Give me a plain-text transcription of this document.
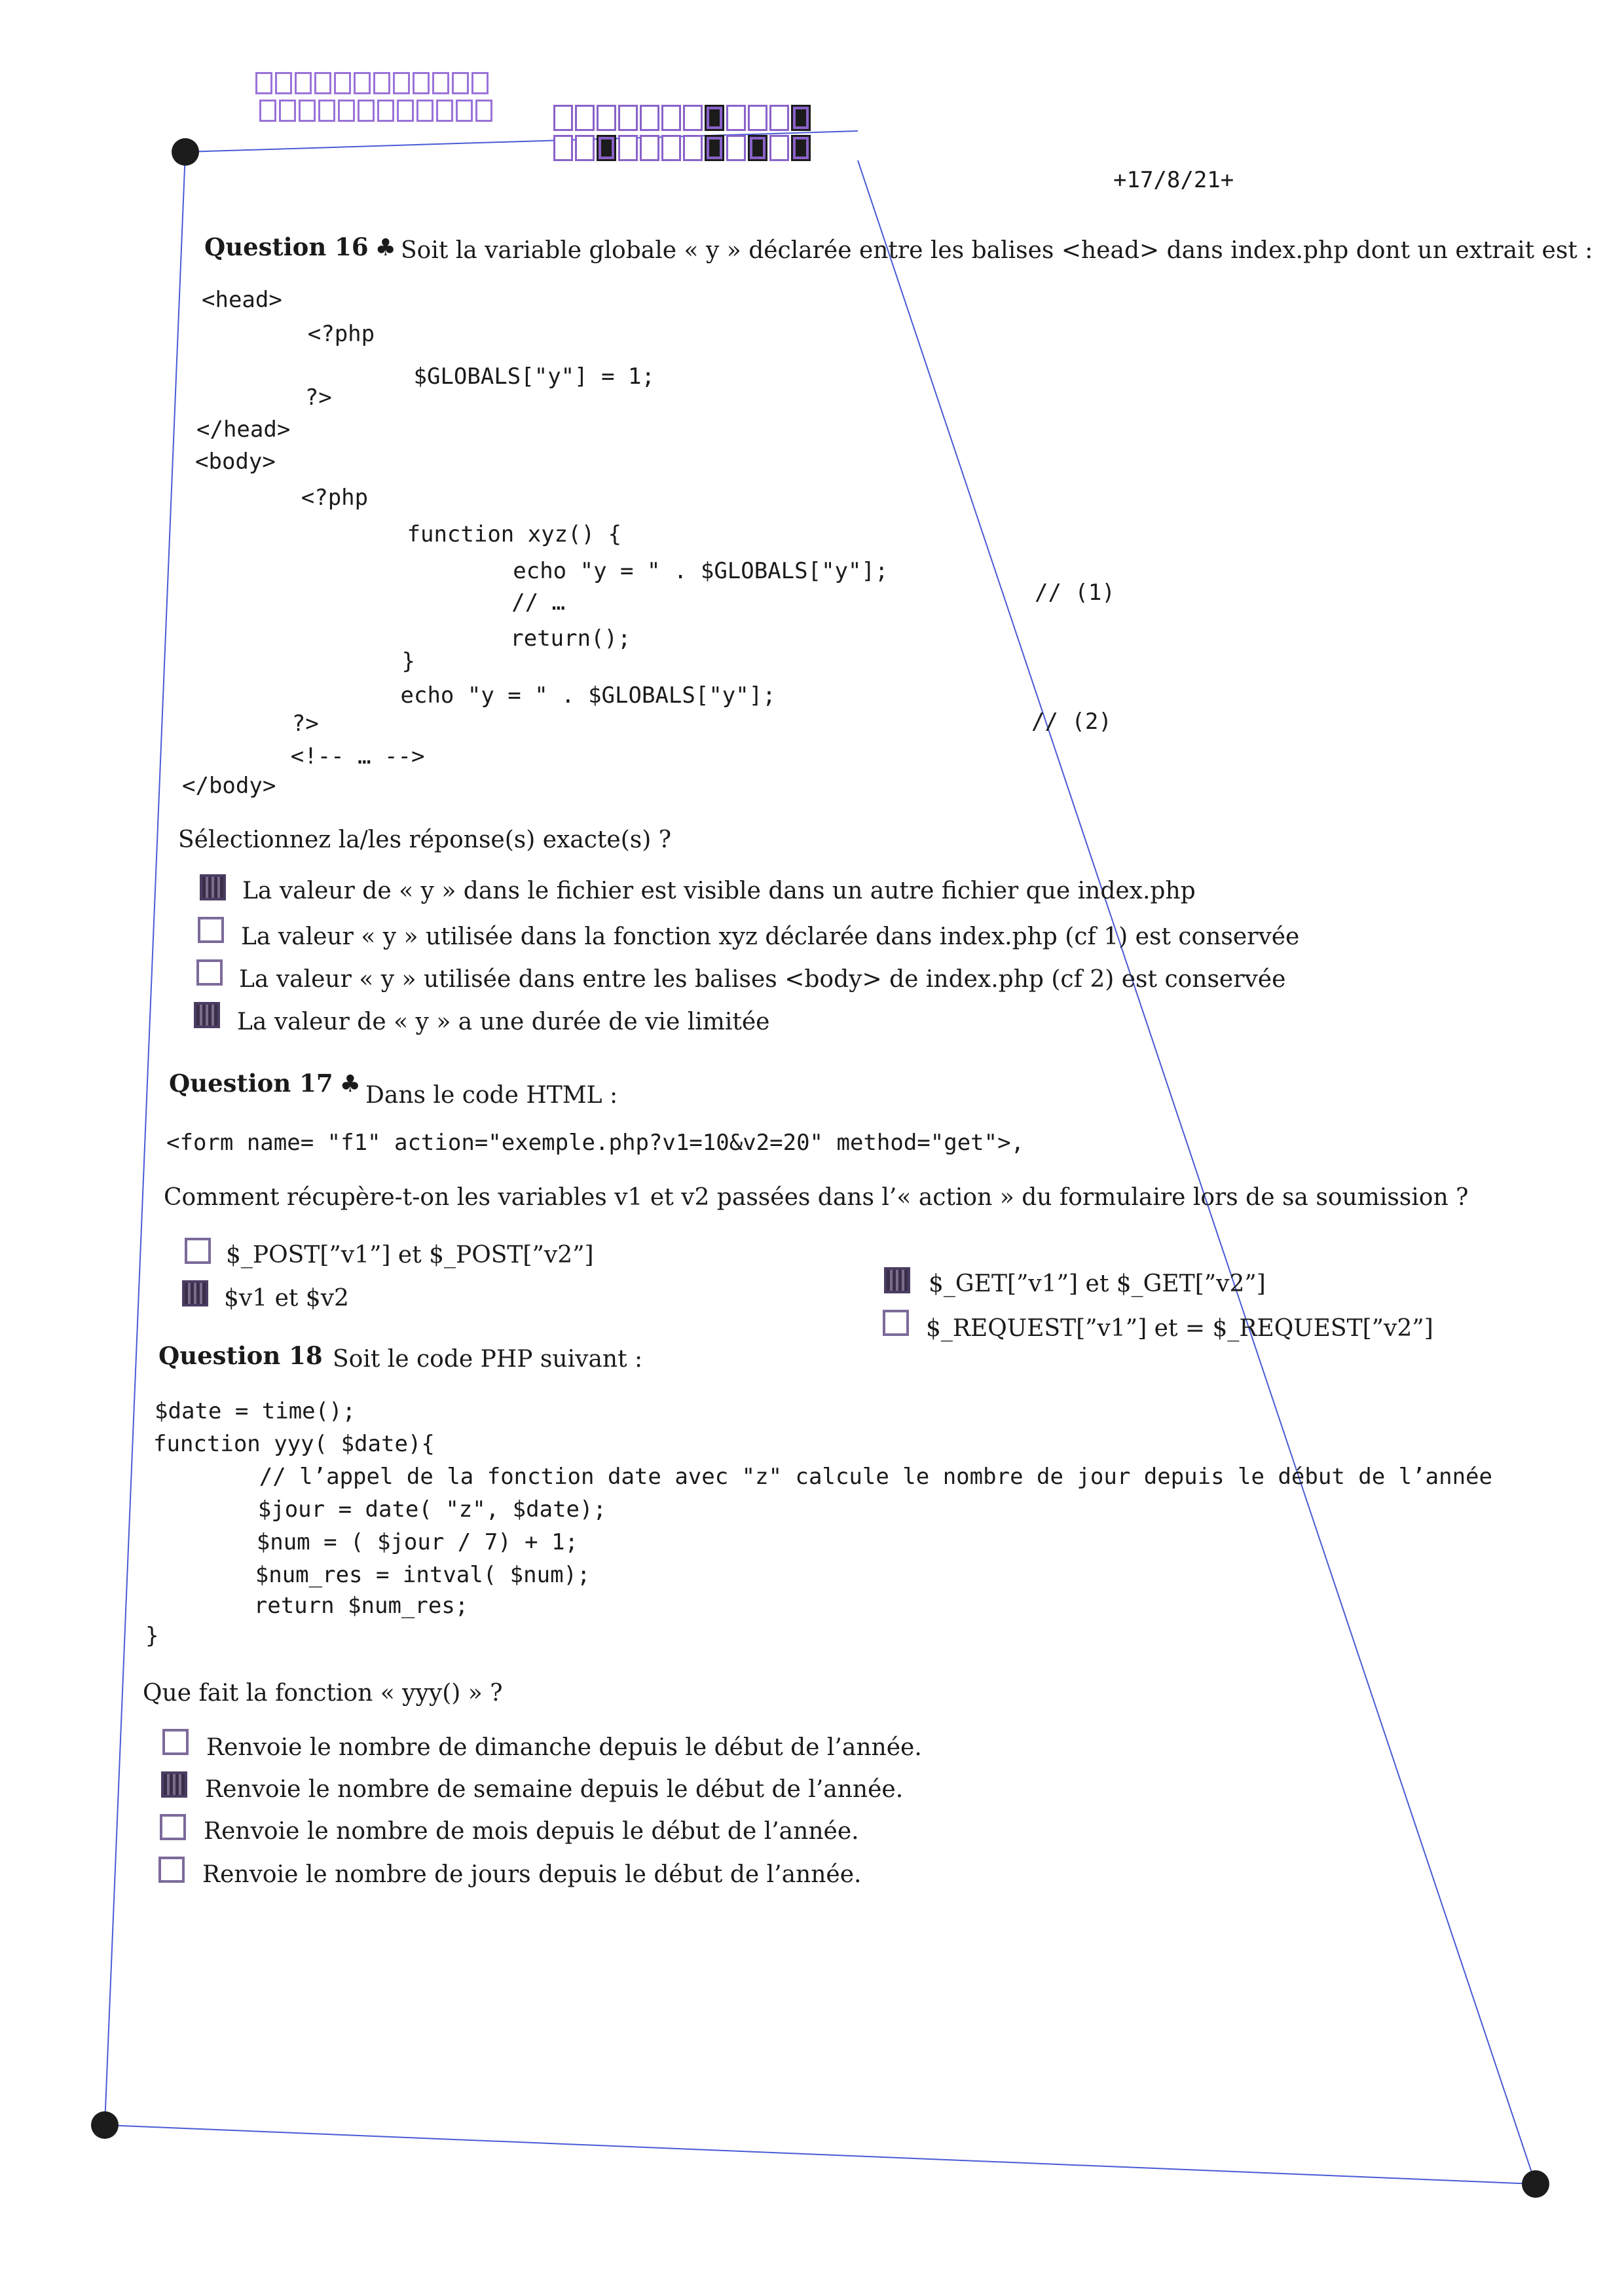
+17/8/21+
Question 16 ♣ Soit la variable globale « y » déclarée entre les balises <head> dans index.php dont un extrait est :
<head>
<?php
$GLOBALS["y"] = 1;
?>
</head>
<body>
<?php
function xyz() {
echo "y = " . $GLOBALS["y"];
// …
return();
}
echo "y = " . $GLOBALS["y"];
?>
<!-- … -->
</body>
// (1)
// (2)
Sélectionnez la/les réponse(s) exacte(s) ?
La valeur de « y » dans le fichier est visible dans un autre fichier que index.php
La valeur « y » utilisée dans la fonction xyz déclarée dans index.php (cf 1) est conservée
La valeur « y » utilisée dans entre les balises <body> de index.php (cf 2) est conservée
La valeur de « y » a une durée de vie limitée
Question 17 ♣ Dans le code HTML :
<form name= "f1" action="exemple.php?v1=10&v2=20" method="get">,
Comment récupère-t-on les variables v1 et v2 passées dans l’« action » du formulaire lors de sa soumission ?
$_POST[”v1”] et $_POST[”v2”]
$v1 et $v2
$_GET[”v1”] et $_GET[”v2”]
$_REQUEST[”v1”] et = $_REQUEST[”v2”]
Question 18 Soit le code PHP suivant :
$date = time();
function yyy( $date){
// l’appel de la fonction date avec "z" calcule le nombre de jour depuis le début de l’année
$jour = date( "z", $date);
$num = ( $jour / 7) + 1;
$num_res = intval( $num);
return $num_res;
}
Que fait la fonction « yyy() » ?
Renvoie le nombre de dimanche depuis le début de l’année.
Renvoie le nombre de semaine depuis le début de l’année.
Renvoie le nombre de mois depuis le début de l’année.
Renvoie le nombre de jours depuis le début de l’année.
